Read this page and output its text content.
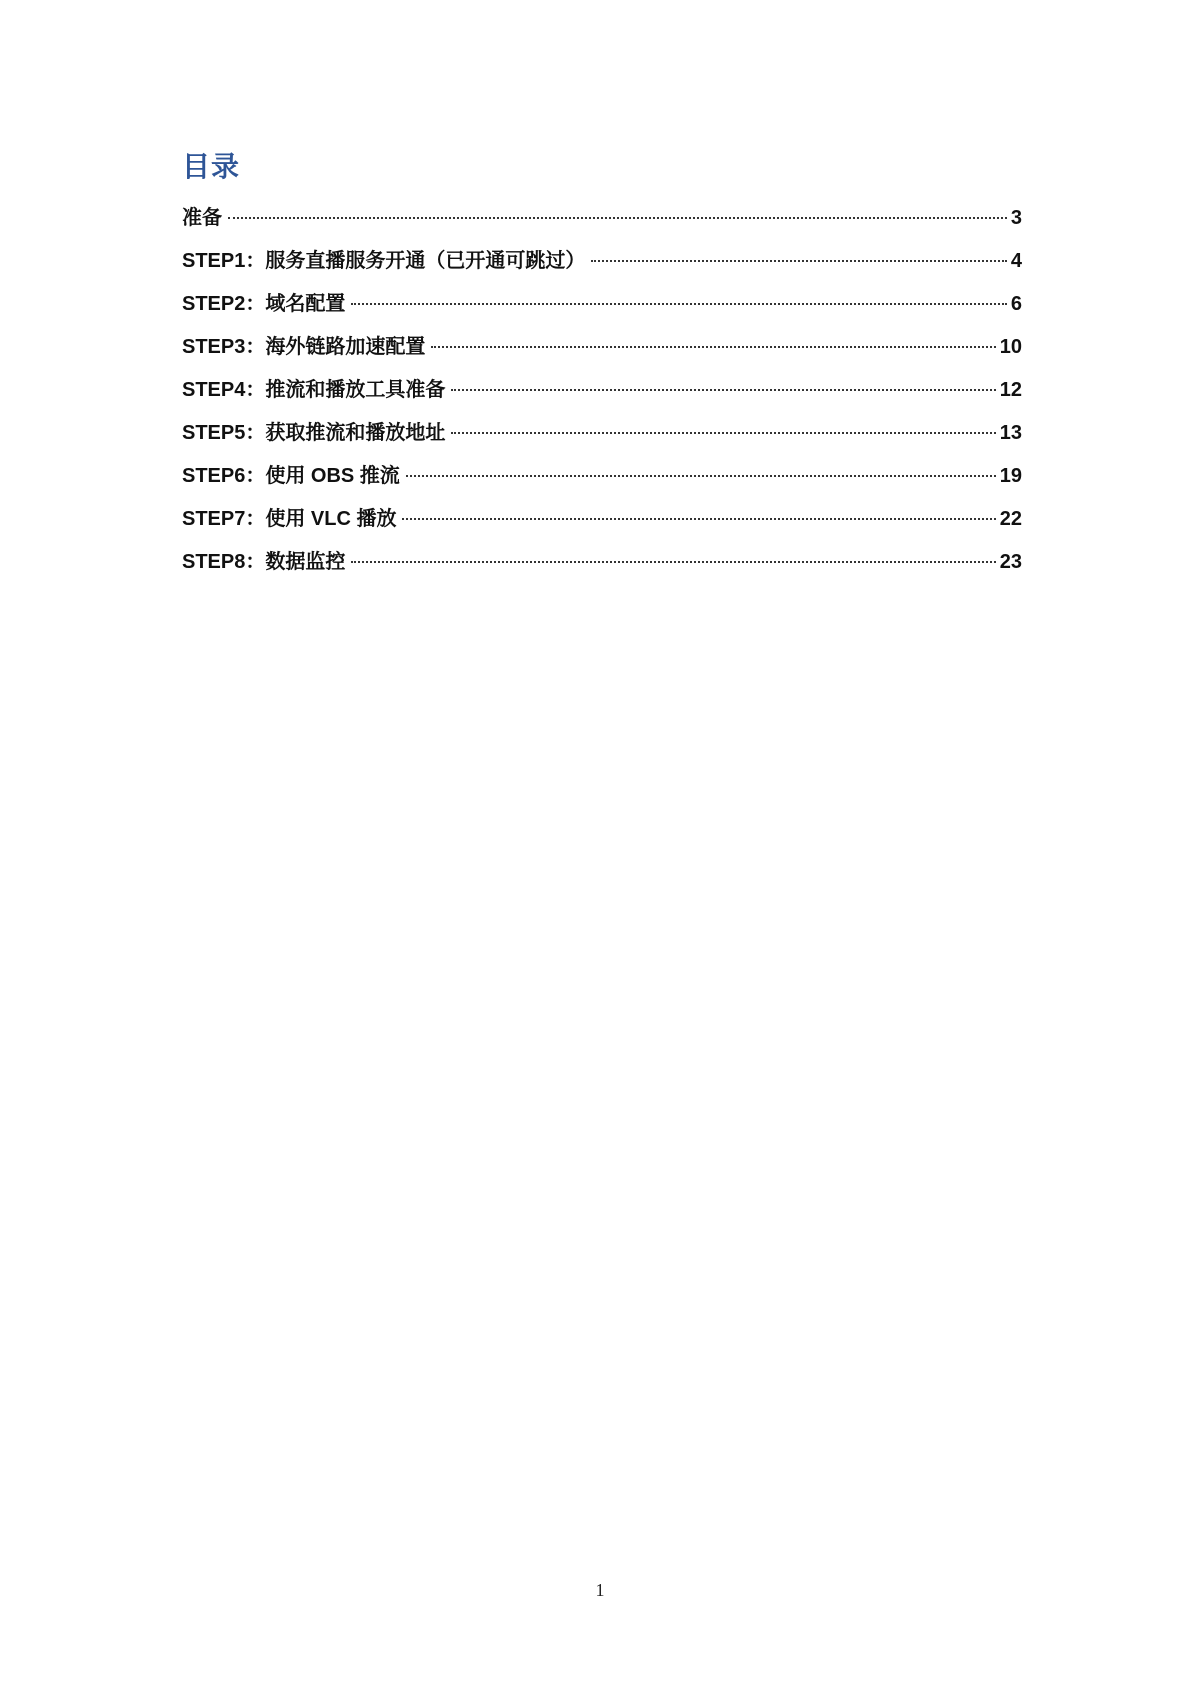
目录
准备	3
STEP1：服务直播服务开通（已开通可跳过）	4
STEP2：域名配置	6
STEP3：海外链路加速配置	10
STEP4：推流和播放工具准备	12
STEP5：获取推流和播放地址	13
STEP6：使用 OBS 推流	19
STEP7：使用 VLC 播放	22
STEP8：数据监控	23
1
